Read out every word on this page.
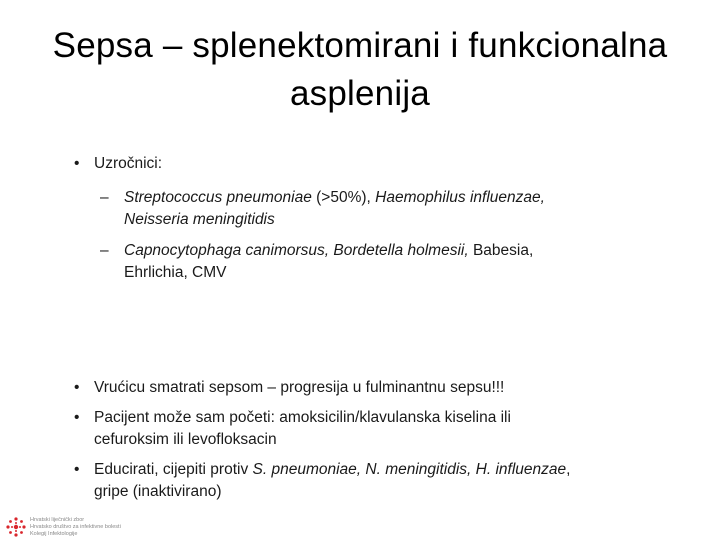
Sepsa – splenektomirani i funkcionalna
asplenija
Uzročnici:
– Streptococcus pneumoniae (>50%), Haemophilus influenzae,
Neisseria meningitidis
– Capnocytophaga canimorsus, Bordetella holmesii, Babesia,
Ehrlichia, CMV
Vrućicu smatrati sepsom – progresija u fulminantnu sepsu!!!
Pacijent može sam početi: amoksicilin/klavulanska kiselina ili
cefuroksim ili levofloksacin
Educirati, cijepiti protiv S. pneumoniae, N. meningitidis, H. influenzae,
gripe (inaktivirano)
Hrvatski liječnički zbor
Hrvatsko društvo za infektivne bolesti
Kolegij Infektologije
